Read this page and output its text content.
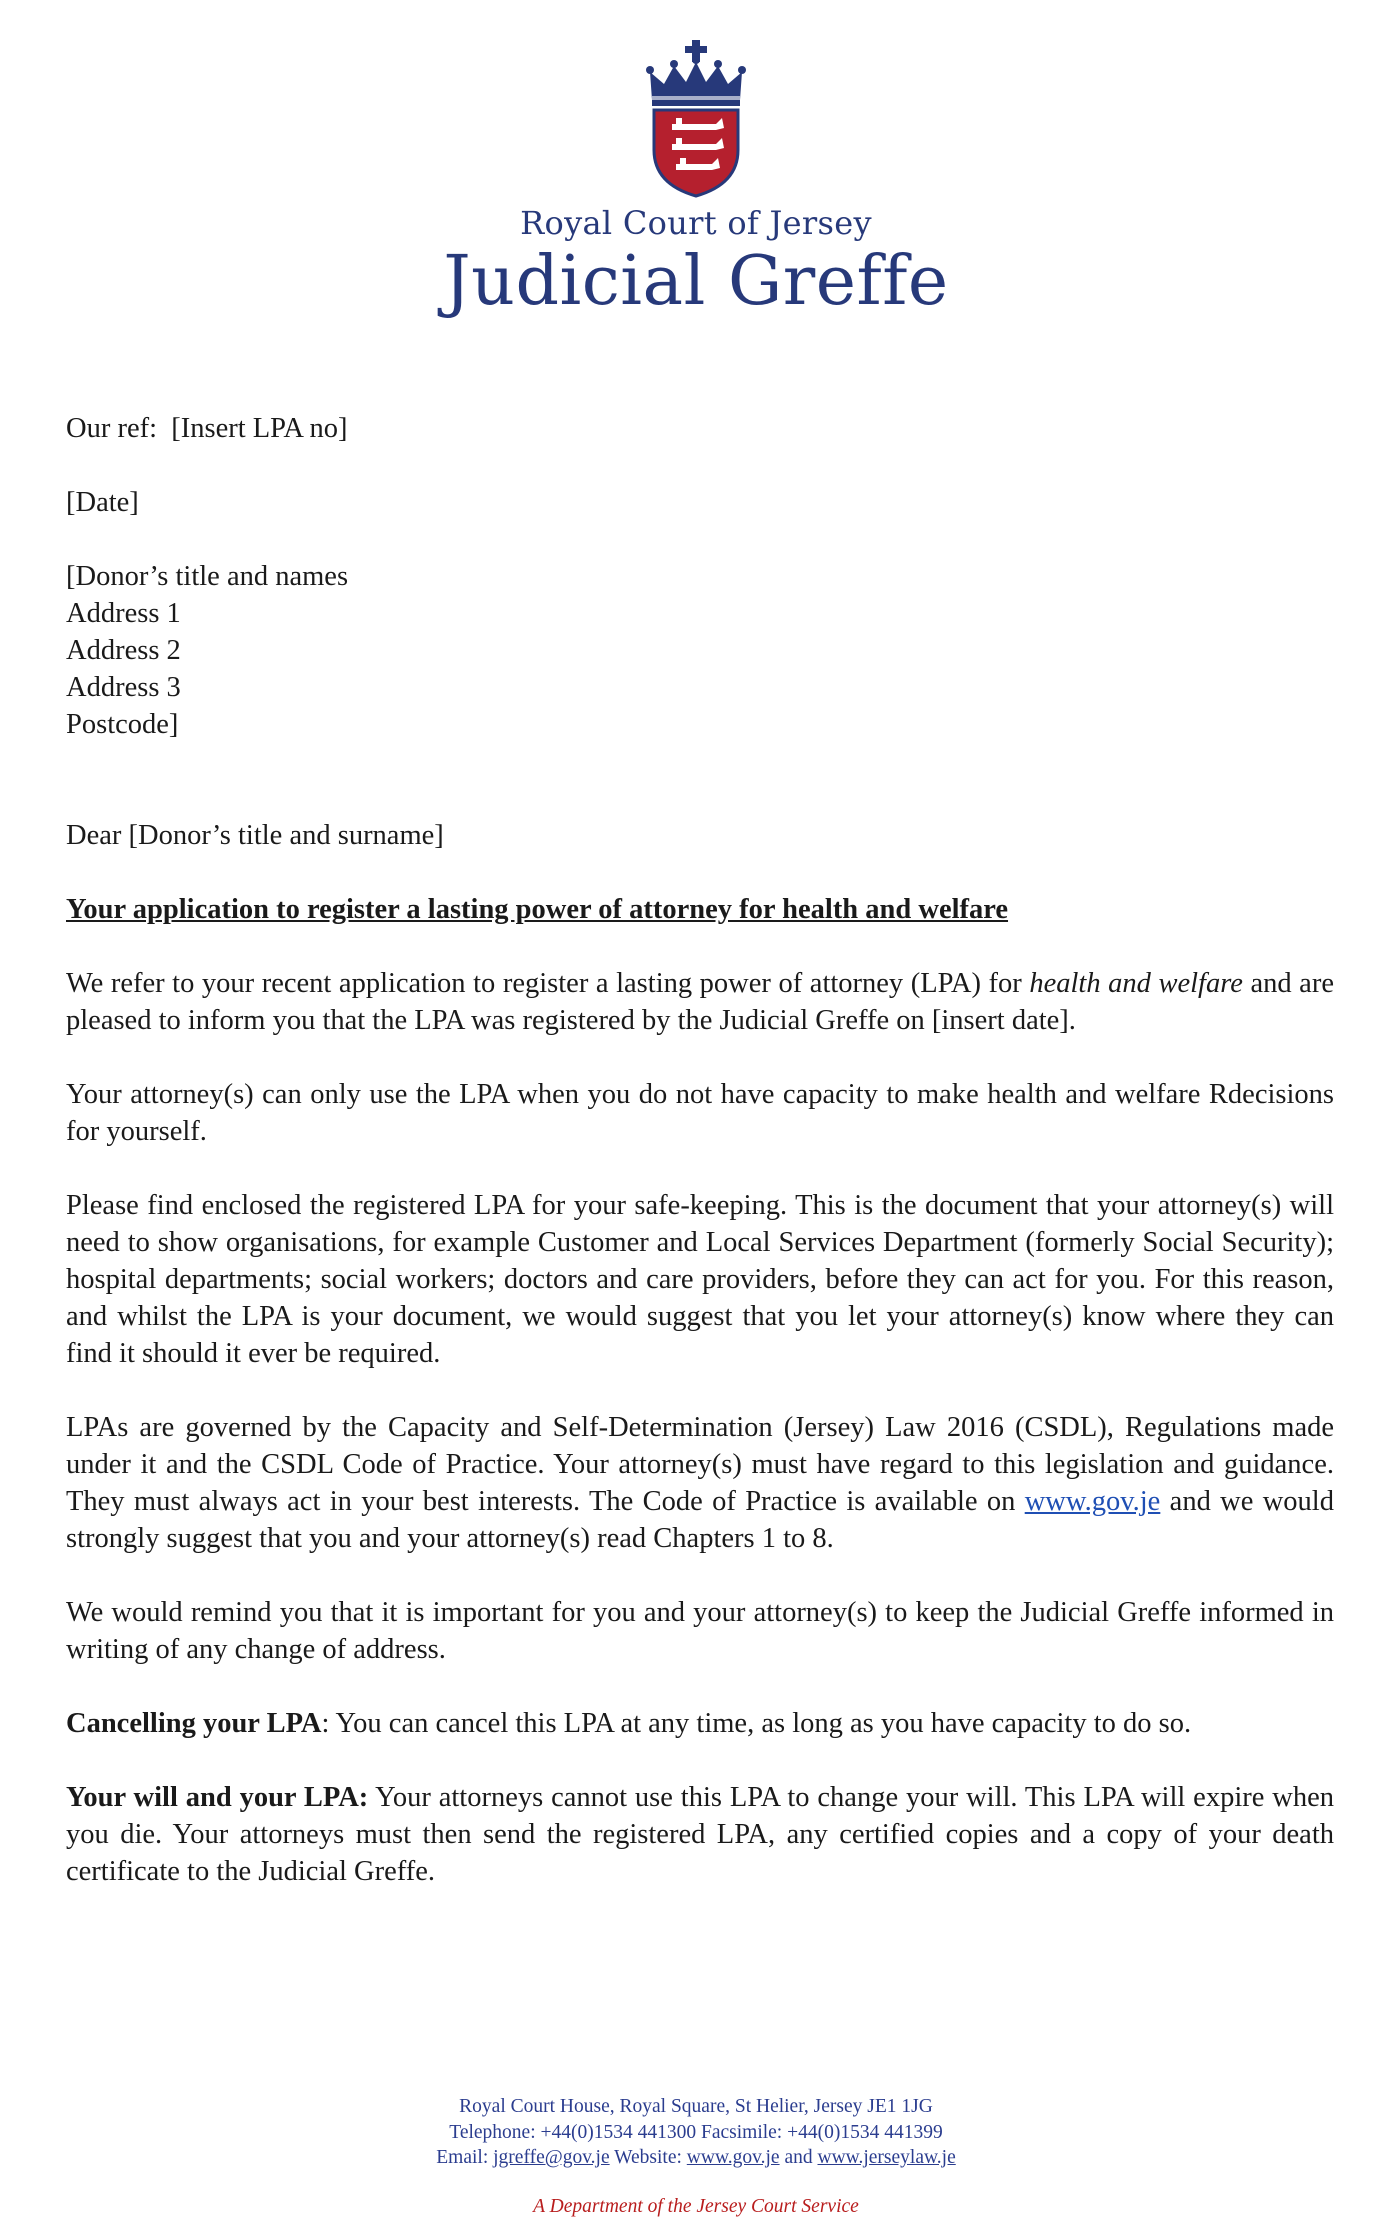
Royal Court of Jersey
Judicial Greffe
Our ref: [Insert LPA no]
[Date]
[Donor’s title and names
Address 1
Address 2
Address 3
Postcode]
Dear [Donor’s title and surname]
Your application to register a lasting power of attorney for health and welfare
We refer to your recent application to register a lasting power of attorney (LPA) for health and welfare and are pleased to inform you that the LPA was registered by the Judicial Greffe on [insert date].
Your attorney(s) can only use the LPA when you do not have capacity to make health and welfare Rdecisions for yourself.
Please find enclosed the registered LPA for your safe-keeping. This is the document that your attorney(s) will need to show organisations, for example Customer and Local Services Department (formerly Social Security); hospital departments; social workers; doctors and care providers, before they can act for you. For this reason, and whilst the LPA is your document, we would suggest that you let your attorney(s) know where they can find it should it ever be required.
LPAs are governed by the Capacity and Self-Determination (Jersey) Law 2016 (CSDL), Regulations made under it and the CSDL Code of Practice. Your attorney(s) must have regard to this legislation and guidance. They must always act in your best interests. The Code of Practice is available on www.gov.je and we would strongly suggest that you and your attorney(s) read Chapters 1 to 8.
We would remind you that it is important for you and your attorney(s) to keep the Judicial Greffe informed in writing of any change of address.
Cancelling your LPA: You can cancel this LPA at any time, as long as you have capacity to do so.
Your will and your LPA: Your attorneys cannot use this LPA to change your will. This LPA will expire when you die. Your attorneys must then send the registered LPA, any certified copies and a copy of your death certificate to the Judicial Greffe.
Royal Court House, Royal Square, St Helier, Jersey JE1 1JG
Telephone: +44(0)1534 441300 Facsimile: +44(0)1534 441399
Email: jgreffe@gov.je Website: www.gov.je and www.jerseylaw.je
A Department of the Jersey Court Service
